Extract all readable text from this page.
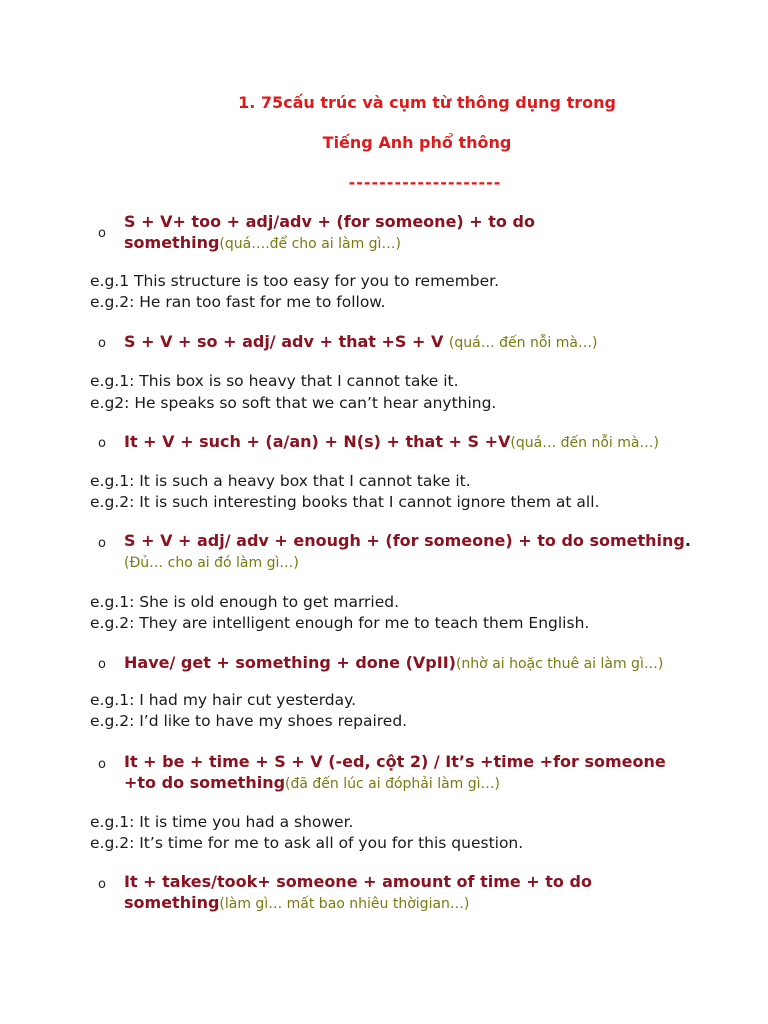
1. 75cấu trúc và cụm từ thông dụng trong
Tiếng Anh phổ thông
--------------------
o
S + V+ too + adj/adv + (for someone) + to do
something(quá….để cho ai làm gì…)
e.g.1 This structure is too easy for you to remember.
e.g.2: He ran too fast for me to follow.
o S + V + so + adj/ adv + that +S + V (quá… đến nỗi mà…)
e.g.1: This box is so heavy that I cannot take it.
e.g2: He speaks so soft that we can’t hear anything.
o It + V + such + (a/an) + N(s) + that + S +V(quá… đến nỗi mà…)
e.g.1: It is such a heavy box that I cannot take it.
e.g.2: It is such interesting books that I cannot ignore them at all.
o S + V + adj/ adv + enough + (for someone) + to do something.
(Đủ… cho ai đó làm gì…)
e.g.1: She is old enough to get married.
e.g.2: They are intelligent enough for me to teach them English.
o Have/ get + something + done (VpII)(nhờ ai hoặc thuê ai làm gì…)
e.g.1: I had my hair cut yesterday.
e.g.2: I’d like to have my shoes repaired.
o It + be + time + S + V (-ed, cột 2) / It’s +time +for someone
+to do something(đã đến lúc ai đóphải làm gì…)
e.g.1: It is time you had a shower.
e.g.2: It’s time for me to ask all of you for this question.
o It + takes/took+ someone + amount of time + to do
something(làm gì… mất bao nhiêu thờigian…)
